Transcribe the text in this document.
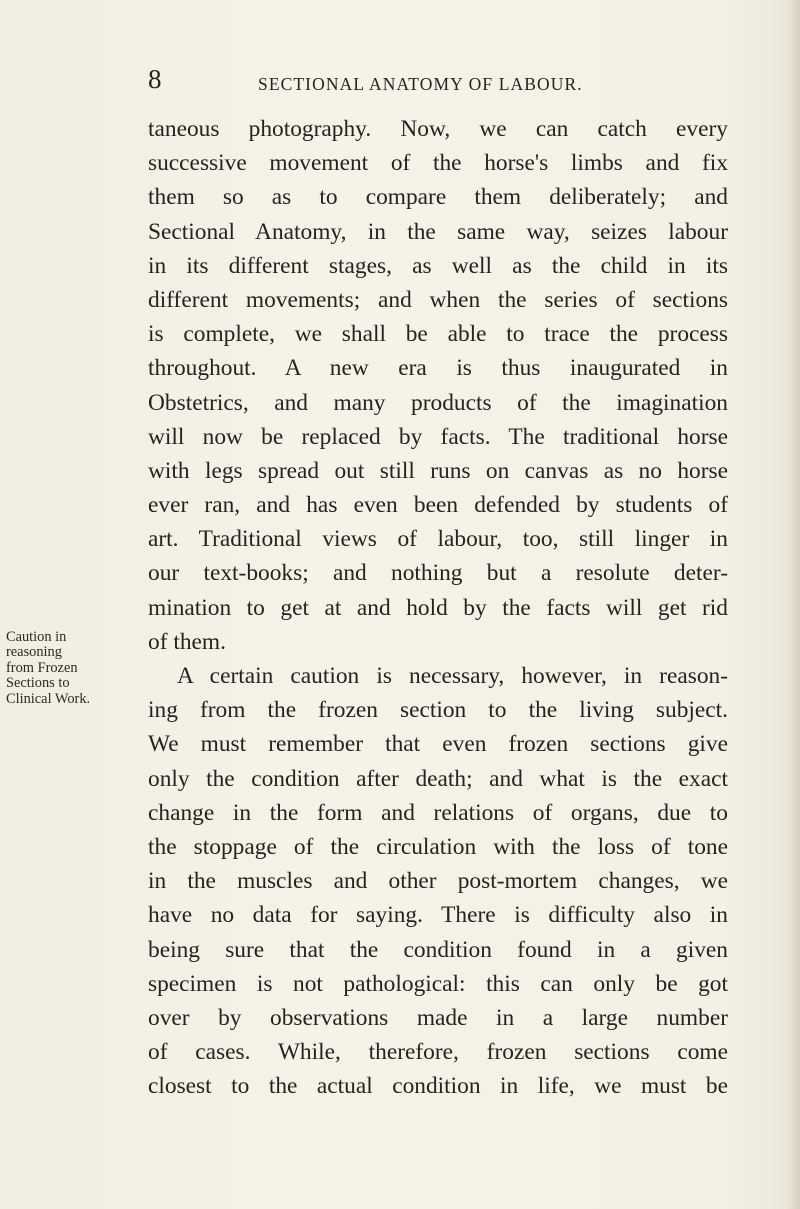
8	SECTIONAL ANATOMY OF LABOUR.
Caution in
reasoning
from Frozen
Sections to
Clinical Work.
taneous photography. Now, we can catch every
successive movement of the horse's limbs and fix
them so as to compare them deliberately; and
Sectional Anatomy, in the same way, seizes labour
in its different stages, as well as the child in its
different movements; and when the series of sections
is complete, we shall be able to trace the process
throughout. A new era is thus inaugurated in
Obstetrics, and many products of the imagination
will now be replaced by facts. The traditional horse
with legs spread out still runs on canvas as no horse
ever ran, and has even been defended by students of
art. Traditional views of labour, too, still linger in
our text-books; and nothing but a resolute deter-
mination to get at and hold by the facts will get rid
of them.
A certain caution is necessary, however, in reason-
ing from the frozen section to the living subject.
We must remember that even frozen sections give
only the condition after death; and what is the exact
change in the form and relations of organs, due to
the stoppage of the circulation with the loss of tone
in the muscles and other post-mortem changes, we
have no data for saying. There is difficulty also in
being sure that the condition found in a given
specimen is not pathological: this can only be got
over by observations made in a large number
of cases. While, therefore, frozen sections come
closest to the actual condition in life, we must be
